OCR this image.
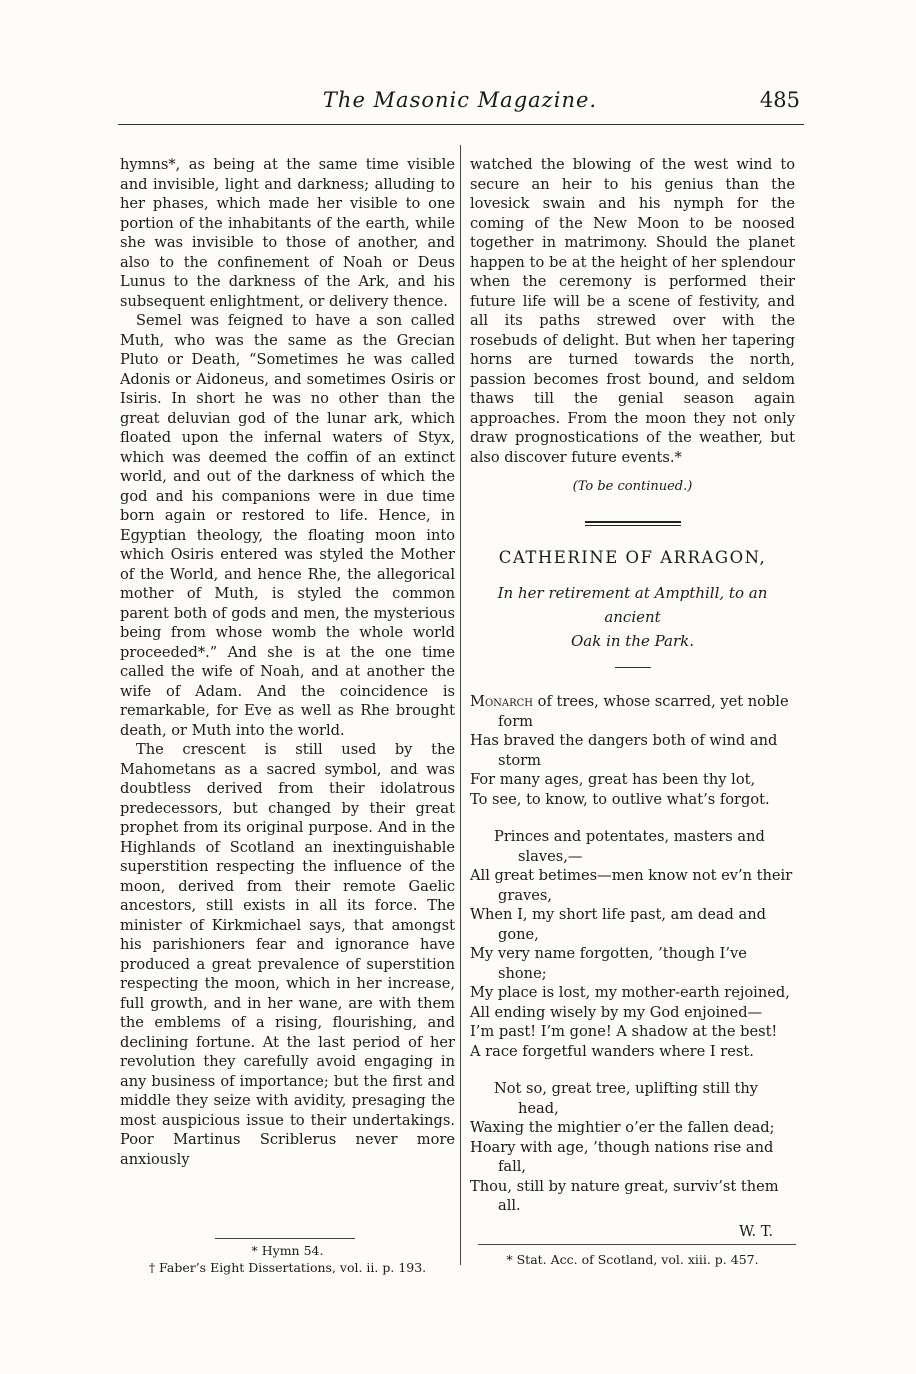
The Masonic Magazine.	485

hymns*, as being at the same time visible and invisible, light and darkness; alluding to her phases, which made her visible to one portion of the inhabitants of the earth, while she was invisible to those of another, and also to the confinement of Noah or Deus Lunus to the darkness of the Ark, and his subsequent enlightment, or delivery thence.

Semel was feigned to have a son called Muth, who was the same as the Grecian Pluto or Death, “Sometimes he was called Adonis or Aidoneus, and sometimes Osiris or Isiris. In short he was no other than the great deluvian god of the lunar ark, which floated upon the infernal waters of Styx, which was deemed the coffin of an extinct world, and out of the darkness of which the god and his companions were in due time born again or restored to life. Hence, in Egyptian theology, the floating moon into which Osiris entered was styled the Mother of the World, and hence Rhe, the allegorical mother of Muth, is styled the common parent both of gods and men, the mysterious being from whose womb the whole world proceeded*.” And she is at the one time called the wife of Noah, and at another the wife of Adam. And the coincidence is remarkable, for Eve as well as Rhe brought death, or Muth into the world.

The crescent is still used by the Mahometans as a sacred symbol, and was doubtless derived from their idolatrous predecessors, but changed by their great prophet from its original purpose. And in the Highlands of Scotland an inextinguishable superstition respecting the influence of the moon, derived from their remote Gaelic ancestors, still exists in all its force. The minister of Kirkmichael says, that amongst his parishioners fear and ignorance have produced a great prevalence of superstition respecting the moon, which in her increase, full growth, and in her wane, are with them the emblems of a rising, flourishing, and declining fortune. At the last period of her revolution they carefully avoid engaging in any business of importance; but the first and middle they seize with avidity, presaging the most auspicious issue to their undertakings. Poor Martinus Scriblerus never more anxiously

watched the blowing of the west wind to secure an heir to his genius than the lovesick swain and his nymph for the coming of the New Moon to be noosed together in matrimony. Should the planet happen to be at the height of her splendour when the ceremony is performed their future life will be a scene of festivity, and all its paths strewed over with the rosebuds of delight. But when her tapering horns are turned towards the north, passion becomes frost bound, and seldom thaws till the genial season again approaches. From the moon they not only draw prognostications of the weather, but also discover future events.*

(To be continued.)

CATHERINE OF ARRAGON,

In her retirement at Ampthill, to an ancient
Oak in the Park.

Monarch of trees, whose scarred, yet noble form

Has braved the dangers both of wind and storm

For many ages, great has been thy lot,

To see, to know, to outlive what’s forgot.

Princes and potentates, masters and slaves,—

All great betimes—men know not ev’n their graves,

When I, my short life past, am dead and gone,

My very name forgotten, ’though I’ve shone;

My place is lost, my mother-earth rejoined,

All ending wisely by my God enjoined—

I’m past! I’m gone! A shadow at the best!

A race forgetful wanders where I rest.

Not so, great tree, uplifting still thy head,

Waxing the mightier o’er the fallen dead;

Hoary with age, ’though nations rise and fall,

Thou, still by nature great, surviv’st them all.

W. T.

* Hymn 54.

† Faber’s Eight Dissertations, vol. ii. p. 193.

* Stat. Acc. of Scotland, vol. xiii. p. 457.
